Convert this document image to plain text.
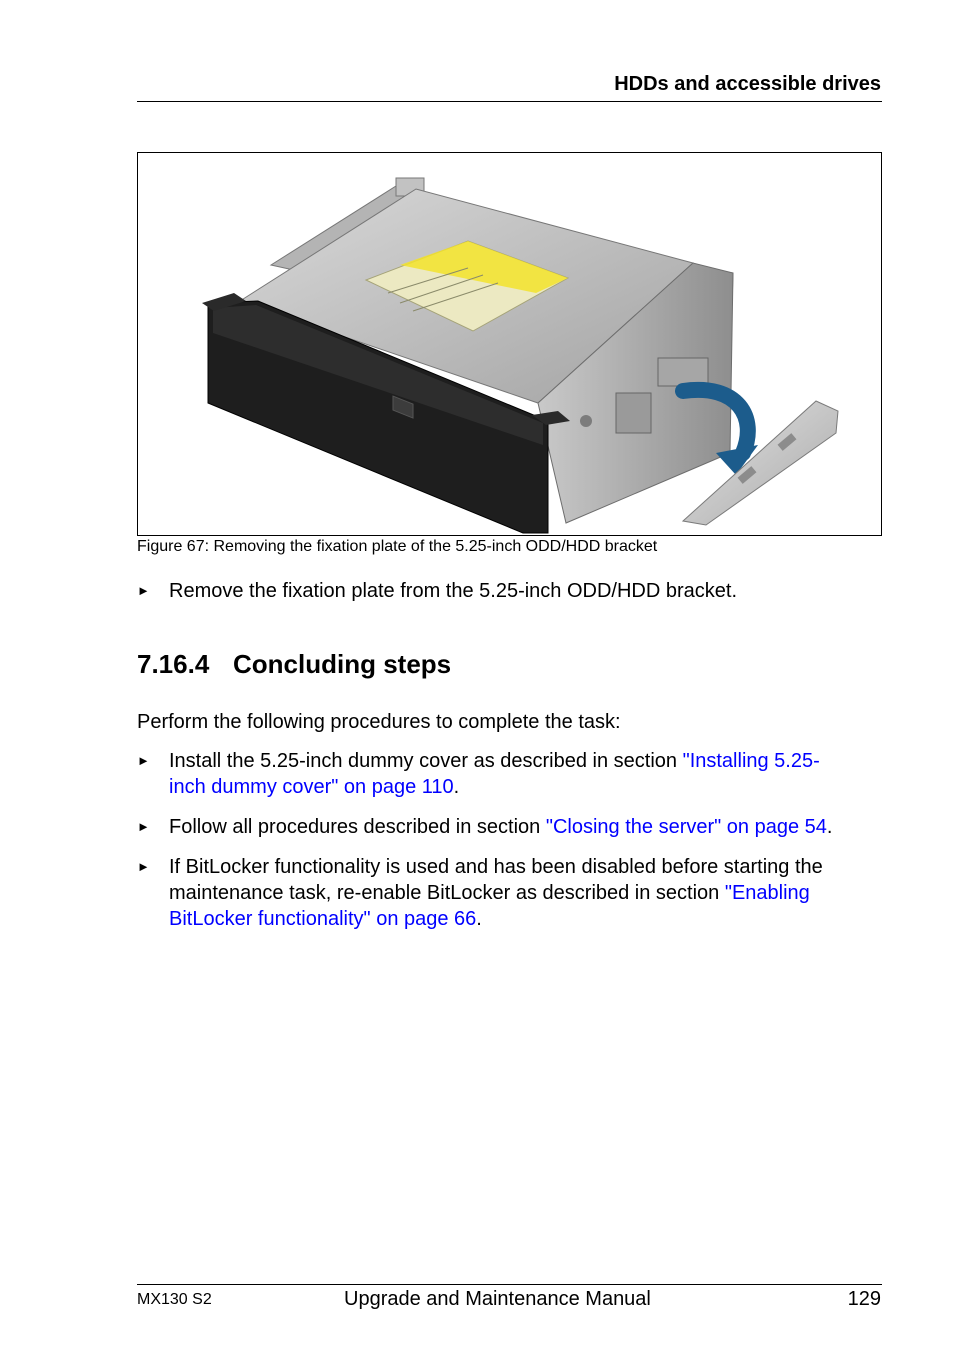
HDDs and accessible drives
Figure 67: Removing the fixation plate of the 5.25-inch ODD/HDD bracket
► Remove the fixation plate from the 5.25-inch ODD/HDD bracket.
7.16.4 Concluding steps
Perform the following procedures to complete the task:
► Install the 5.25-inch dummy cover as described in section "Installing 5.25-
inch dummy cover" on page 110.
► Follow all procedures described in section "Closing the server" on page 54.
► If BitLocker functionality is used and has been disabled before starting the
maintenance task, re-enable BitLocker as described in section "Enabling
BitLocker functionality" on page 66.
MX130 S2	Upgrade and Maintenance Manual	129
